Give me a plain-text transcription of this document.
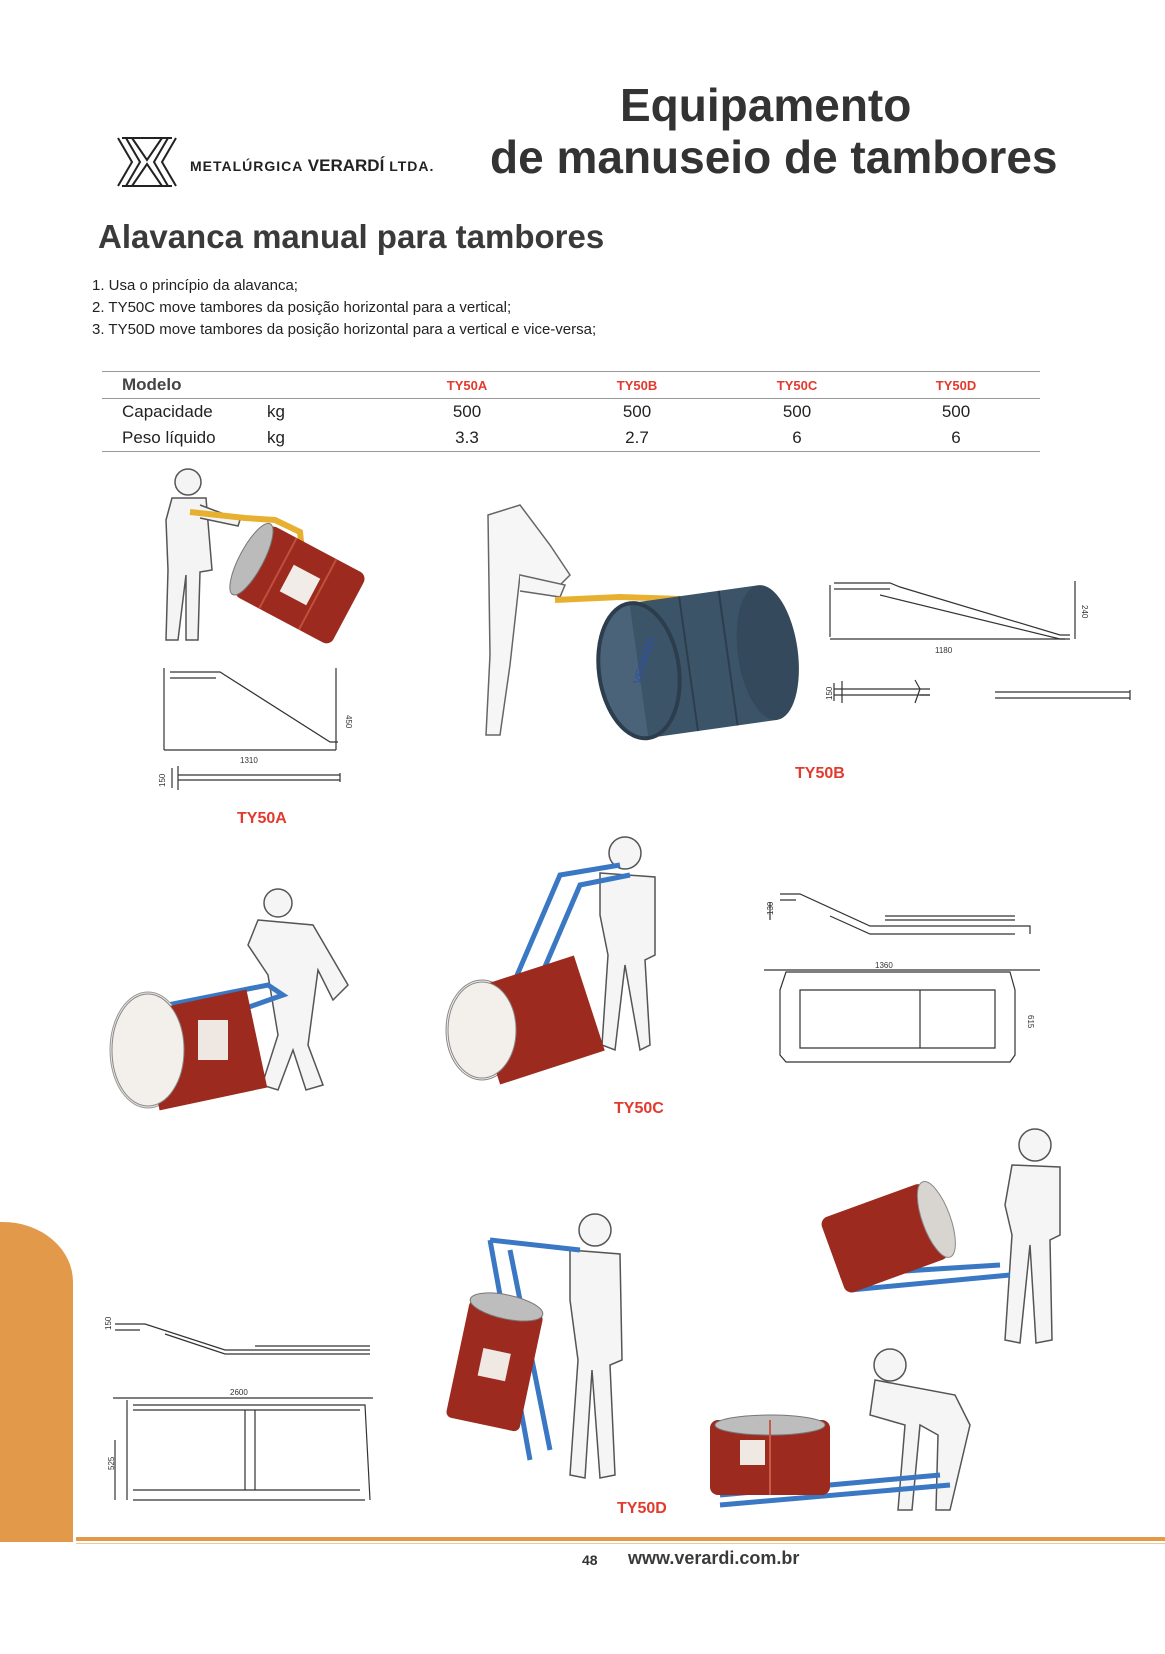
METALÚRGICA VERARDÍ LTDA.
Equipamento
de manuseio de tambores
Alavanca manual para tambores
1. Usa o princípio da alavanca;
2. TY50C move tambores da posição horizontal para a vertical;
3. TY50D move tambores da posição horizontal para a vertical e vice-versa;
Modelo		TY50A	TY50B	TY50C	TY50D
Capacidade	kg	500	500	500	500
Peso líquido	kg	3.3	2.7	6	6
1310
450
150
TY50A
VERARDI
TY50B
1180
240
150
TY50C
1360
130
615
2600
150
525
TY50D
48 www.verardi.com.br
